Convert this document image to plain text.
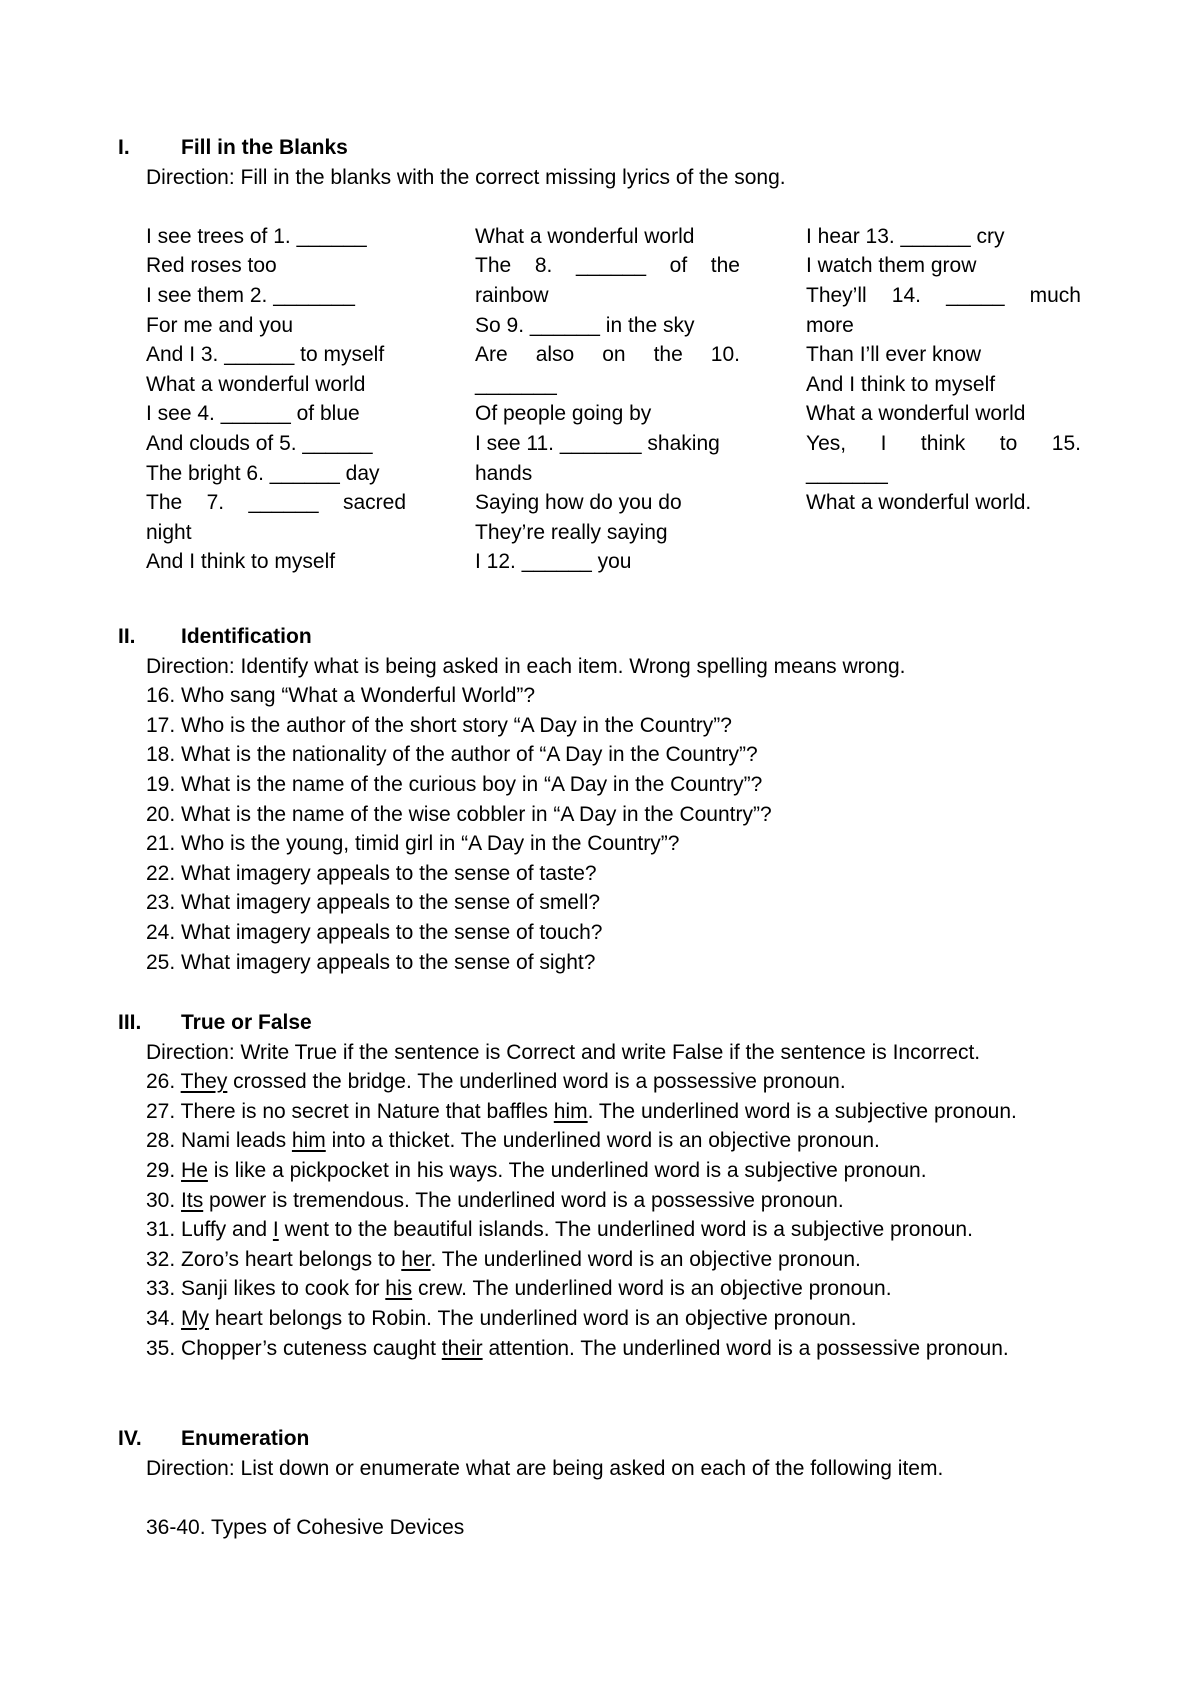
I. Fill in the Blanks
Direction: Fill in the blanks with the correct missing lyrics of the song.
I see trees of 1. ______
Red roses too
I see them 2. _______
For me and you
And I 3. ______ to myself
What a wonderful world
I see 4. ______ of blue
And clouds of 5. ______
The bright 6. ______ day
The 7. ______ sacred
night
And I think to myself
What a wonderful world
The 8. ______ of the
rainbow
So 9. ______ in the sky
Are also on the 10.
_______
Of people going by
I see 11. _______ shaking
hands
Saying how do you do
They’re really saying
I 12. ______ you
I hear 13. ______ cry
I watch them grow
They’ll 14. _____ much
more
Than I’ll ever know
And I think to myself
What a wonderful world
Yes, I think to 15.
_______
What a wonderful world.
II. Identification
Direction: Identify what is being asked in each item. Wrong spelling means wrong.
16. Who sang “What a Wonderful World”?
17. Who is the author of the short story “A Day in the Country”?
18. What is the nationality of the author of “A Day in the Country”?
19. What is the name of the curious boy in “A Day in the Country”?
20. What is the name of the wise cobbler in “A Day in the Country”?
21. Who is the young, timid girl in “A Day in the Country”?
22. What imagery appeals to the sense of taste?
23. What imagery appeals to the sense of smell?
24. What imagery appeals to the sense of touch?
25. What imagery appeals to the sense of sight?
III. True or False
Direction: Write True if the sentence is Correct and write False if the sentence is Incorrect.
26. They crossed the bridge. The underlined word is a possessive pronoun.
27. There is no secret in Nature that baffles him. The underlined word is a subjective pronoun.
28. Nami leads him into a thicket. The underlined word is an objective pronoun.
29. He is like a pickpocket in his ways. The underlined word is a subjective pronoun.
30. Its power is tremendous. The underlined word is a possessive pronoun.
31. Luffy and I went to the beautiful islands. The underlined word is a subjective pronoun.
32. Zoro’s heart belongs to her. The underlined word is an objective pronoun.
33. Sanji likes to cook for his crew. The underlined word is an objective pronoun.
34. My heart belongs to Robin. The underlined word is an objective pronoun.
35. Chopper’s cuteness caught their attention. The underlined word is a possessive pronoun.
IV. Enumeration
Direction: List down or enumerate what are being asked on each of the following item.
36-40. Types of Cohesive Devices
